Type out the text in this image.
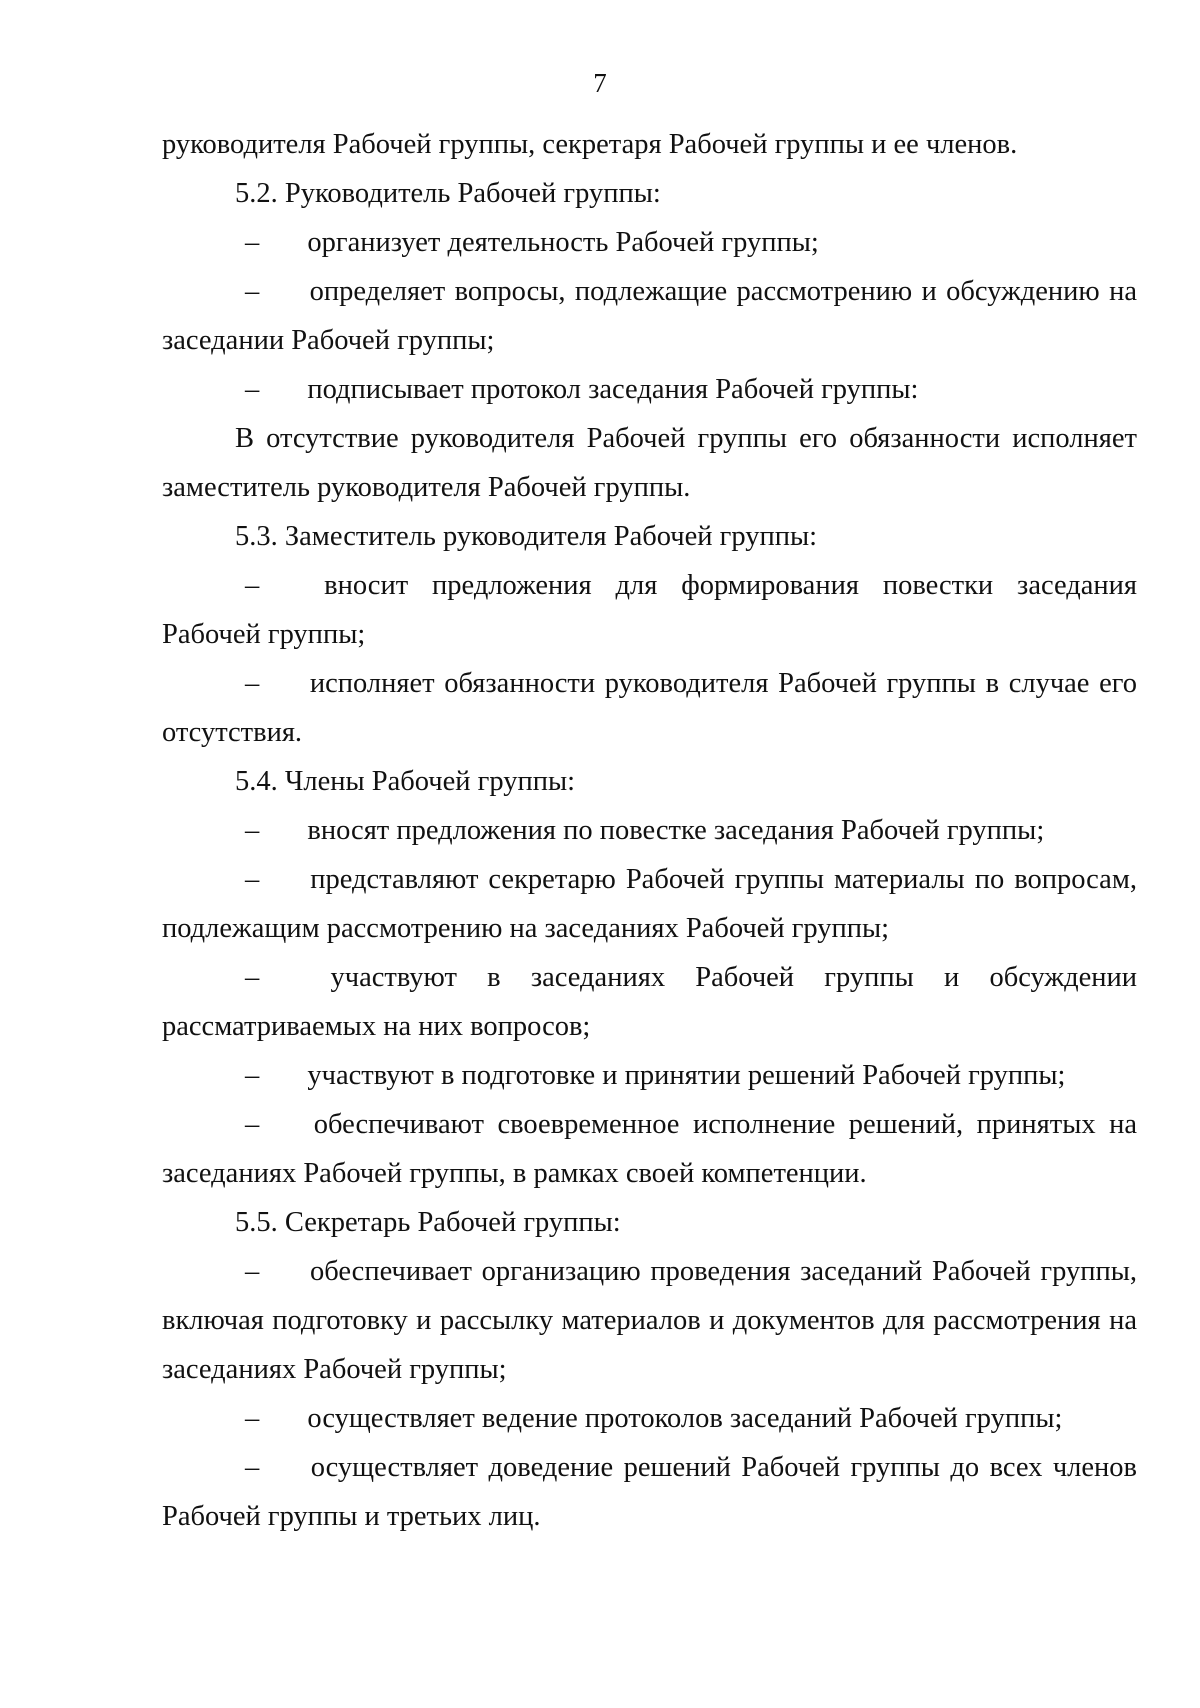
7

руководителя Рабочей группы, секретаря Рабочей группы и ее членов.

5.2. Руководитель Рабочей группы:

– организует деятельность Рабочей группы;

– определяет вопросы, подлежащие рассмотрению и обсуждению на заседании Рабочей группы;

– подписывает протокол заседания Рабочей группы:

В отсутствие руководителя Рабочей группы его обязанности исполняет заместитель руководителя Рабочей группы.

5.3. Заместитель руководителя Рабочей группы:

– вносит предложения для формирования повестки заседания Рабочей группы;

– исполняет обязанности руководителя Рабочей группы в случае его отсутствия.

5.4. Члены Рабочей группы:

– вносят предложения по повестке заседания Рабочей группы;

– представляют секретарю Рабочей группы материалы по вопросам, подлежащим рассмотрению на заседаниях Рабочей группы;

– участвуют в заседаниях Рабочей группы и обсуждении рассматриваемых на них вопросов;

– участвуют в подготовке и принятии решений Рабочей группы;

– обеспечивают своевременное исполнение решений, принятых на заседаниях Рабочей группы, в рамках своей компетенции.

5.5. Секретарь Рабочей группы:

– обеспечивает организацию проведения заседаний Рабочей группы, включая подготовку и рассылку материалов и документов для рассмотрения на заседаниях Рабочей группы;

– осуществляет ведение протоколов заседаний Рабочей группы;

– осуществляет доведение решений Рабочей группы до всех членов Рабочей группы и третьих лиц.
